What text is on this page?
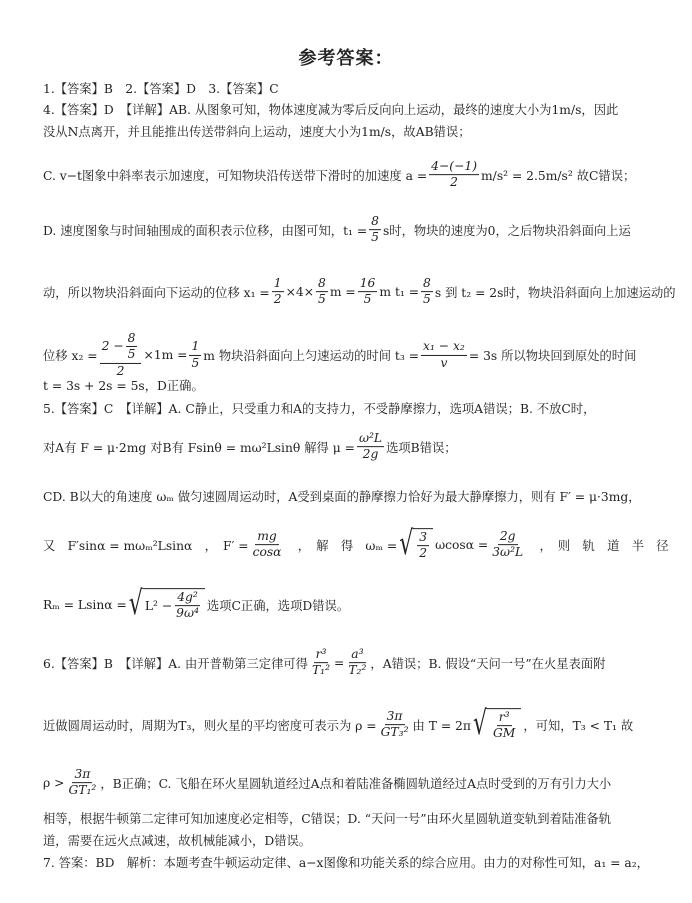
参考答案：
1.【答案】B　2.【答案】D　3.【答案】C
4.【答案】D　【详解】AB. 从图象可知，物体速度减为零后反向向上运动，最终的速度大小为1m/s，因此
没从N点离开，并且能推出传送带斜向上运动，速度大小为1m/s，故AB错误；
C. v−t图象中斜率表示加速度，可知物块沿传送带下滑时的加速度 $a = \frac{4-(-1)}{2} m/s^2 = 2.5m/s^2$ 故C错误；
D. 速度图象与时间轴围成的面积表示位移，由图可知，$t_1 = \frac{8}{5}$ s时，物块的速度为0，之后物块沿斜面向上运
动，所以物块沿斜面向下运动的位移 $x_1 = \frac{1}{2} \times 4\times \frac{8}{5}$ $m = \frac{16}{5}$ m $t_1 = \frac{8}{5}$ s 到 t₂ = 2s时，物块沿斜面向上加速运动的
位移 $x_2 = \frac{2 - \frac{8}{5}}{2} \times 1m = \frac{1}{5}$ m 物块沿斜面向上匀速运动的时间 $t_3 = \frac{\text{x₁ − x₂}}{v} = 3s$ 所以物块回到原处的时间
t = 3s + 2s = 5s，D正确。
5.【答案】C　【详解】A. C静止，只受重力和A的支持力，不受静摩擦力，选项A错误；B. 不放C时，
对A有 F = μ·2mg 对B有 Fsinθ = mω²Lsinθ 解得 $\mu = \frac{\text{ω²L}}{2g}$ 选项B错误；
CD. B以大的角速度 ωₘ 做匀速圆周运动时，A受到桌面的静摩擦力恰好为最大静摩擦力，则有 F′ = μ·3mg，
又　F′sinα = mωₘ²Lsinα　，　$F' = \frac{mg}{\cos\alpha}$ 　，　解　得　ωₘ = √ $\frac{3}{2}$ $\omega\cos\alpha = \frac{2g}{\text{3ω²L}}$ 　，　则　轨　道　半　径
Rₘ = Lsinα = √ $L^2 - \frac{\text{4g²}}{\text{9ω⁴}}$ 选项C正确，选项D错误。
6.【答案】B　【详解】A. 由开普勒第三定律可得 $\frac{\text{r³}}{\text{T₁²}} = \frac{\text{a³}}{\text{T₂²}}$ ，A错误；B. 假设“天问一号”在火星表面附
近做圆周运动时，周期为T₃，则火星的平均密度可表示为 $\rho = \frac{3\pi}{\text{GT₃²}}$ 由 T = 2π √ $\frac{\text{r³}}{GM}$ ，可知，T₃ < T₁ 故
$\rho > \frac{3\pi}{\text{GT₁²}}$ ，B正确；C. 飞船在环火星圆轨道经过A点和着陆准备椭圆轨道经过A点时受到的万有引力大小
相等，根据牛顿第二定律可知加速度必定相等，C错误；D. “天问一号”由环火星圆轨道变轨到着陆准备轨
道，需要在远火点减速，故机械能减小，D错误。
7. 答案：BD　解析：本题考查牛顿运动定律、a−x图像和功能关系的综合应用。由力的对称性可知，a₁ = a₂，
